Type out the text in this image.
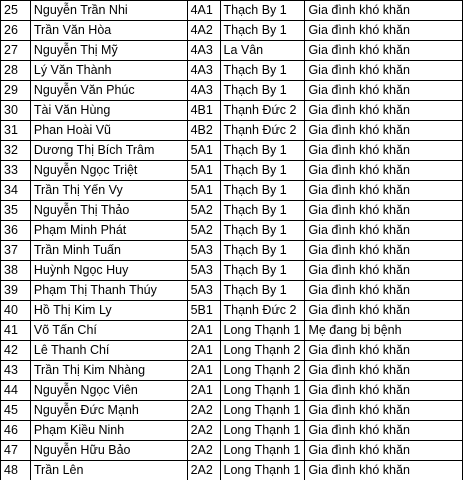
25	Nguyễn Trần Nhi	4A1	Thạch By 1	Gia đình khó khăn
26	Trần Văn Hòa	4A2	Thạch By 1	Gia đình khó khăn
27	Nguyễn Thị Mỹ	4A3	La Vân	Gia đình khó khăn
28	Lý Văn Thành	4A3	Thạch By 1	Gia đình khó khăn
29	Nguyễn Văn Phúc	4A3	Thạch By 1	Gia đình khó khăn
30	Tài Văn Hùng	4B1	Thạnh Đức 2	Gia đình khó khăn
31	Phan Hoài Vũ	4B2	Thạnh Đức 2	Gia đình khó khăn
32	Dương Thị Bích Trâm	5A1	Thạch By 1	Gia đình khó khăn
33	Nguyễn Ngọc Triệt	5A1	Thạch By 1	Gia đình khó khăn
34	Trần Thị Yến Vy	5A1	Thạch By 1	Gia đình khó khăn
35	Nguyễn Thị Thảo	5A2	Thạch By 1	Gia đình khó khăn
36	Phạm Minh Phát	5A2	Thạch By 1	Gia đình khó khăn
37	Trần Minh Tuấn	5A3	Thạch By 1	Gia đình khó khăn
38	Huỳnh Ngọc Huy	5A3	Thạch By 1	Gia đình khó khăn
39	Phạm Thị Thanh Thúy	5A3	Thạch By 1	Gia đình khó khăn
40	Hồ Thị Kim Ly	5B1	Thạnh Đức 2	Gia đình khó khăn
41	Võ Tấn Chí	2A1	Long Thạnh 1	Mẹ đang bị bệnh
42	Lê Thanh Chí	2A1	Long Thạnh 2	Gia đình khó khăn
43	Trần Thị Kim Nhàng	2A1	Long Thạnh 2	Gia đình khó khăn
44	Nguyễn Ngọc Viên	2A1	Long Thạnh 1	Gia đình khó khăn
45	Nguyễn Đức Mạnh	2A2	Long Thạnh 1	Gia đình khó khăn
46	Phạm Kiều Ninh	2A2	Long Thạnh 1	Gia đình khó khăn
47	Nguyễn Hữu Bảo	2A2	Long Thạnh 1	Gia đình khó khăn
48	Trần Lên	2A2	Long Thạnh 1	Gia đình khó khăn
